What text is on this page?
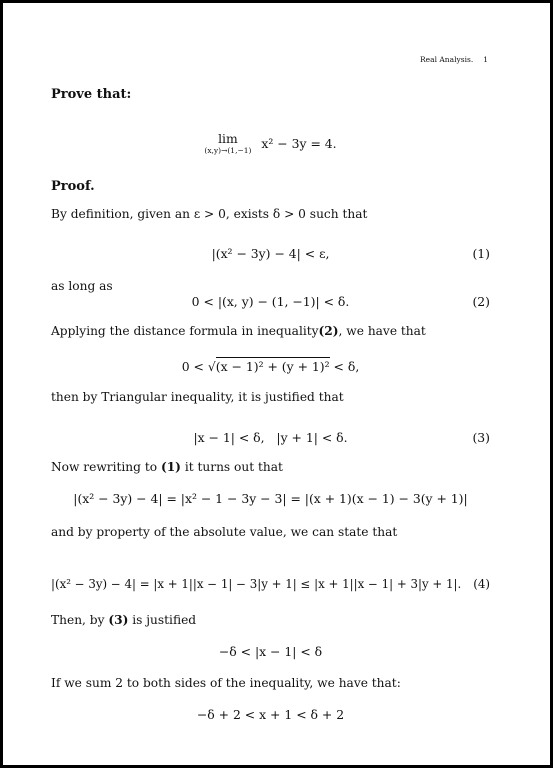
Real Analysis. 1
Prove that:
lim
(x,y)→(1,−1) x² − 3y = 4.
Proof.
By definition, given an ε > 0, exists δ > 0 such that
|(x² − 3y) − 4| < ε,	(1)
as long as
0 < |(x, y) − (1, −1)| < δ.	(2)
Applying the distance formula in inequality(2), we have that
0 < √(x − 1)² + (y + 1)² < δ,
then by Triangular inequality, it is justified that
|x − 1| < δ,   |y + 1| < δ.	(3)
Now rewriting to (1) it turns out that
|(x² − 3y) − 4| = |x² − 1 − 3y − 3| = |(x + 1)(x − 1) − 3(y + 1)|
and by property of the absolute value, we can state that
|(x² − 3y) − 4| = |x + 1||x − 1| − 3|y + 1| ≤ |x + 1||x − 1| + 3|y + 1|.	(4)
Then, by (3) is justified
−δ < |x − 1| < δ
If we sum 2 to both sides of the inequality, we have that:
−δ + 2 < x + 1 < δ + 2
